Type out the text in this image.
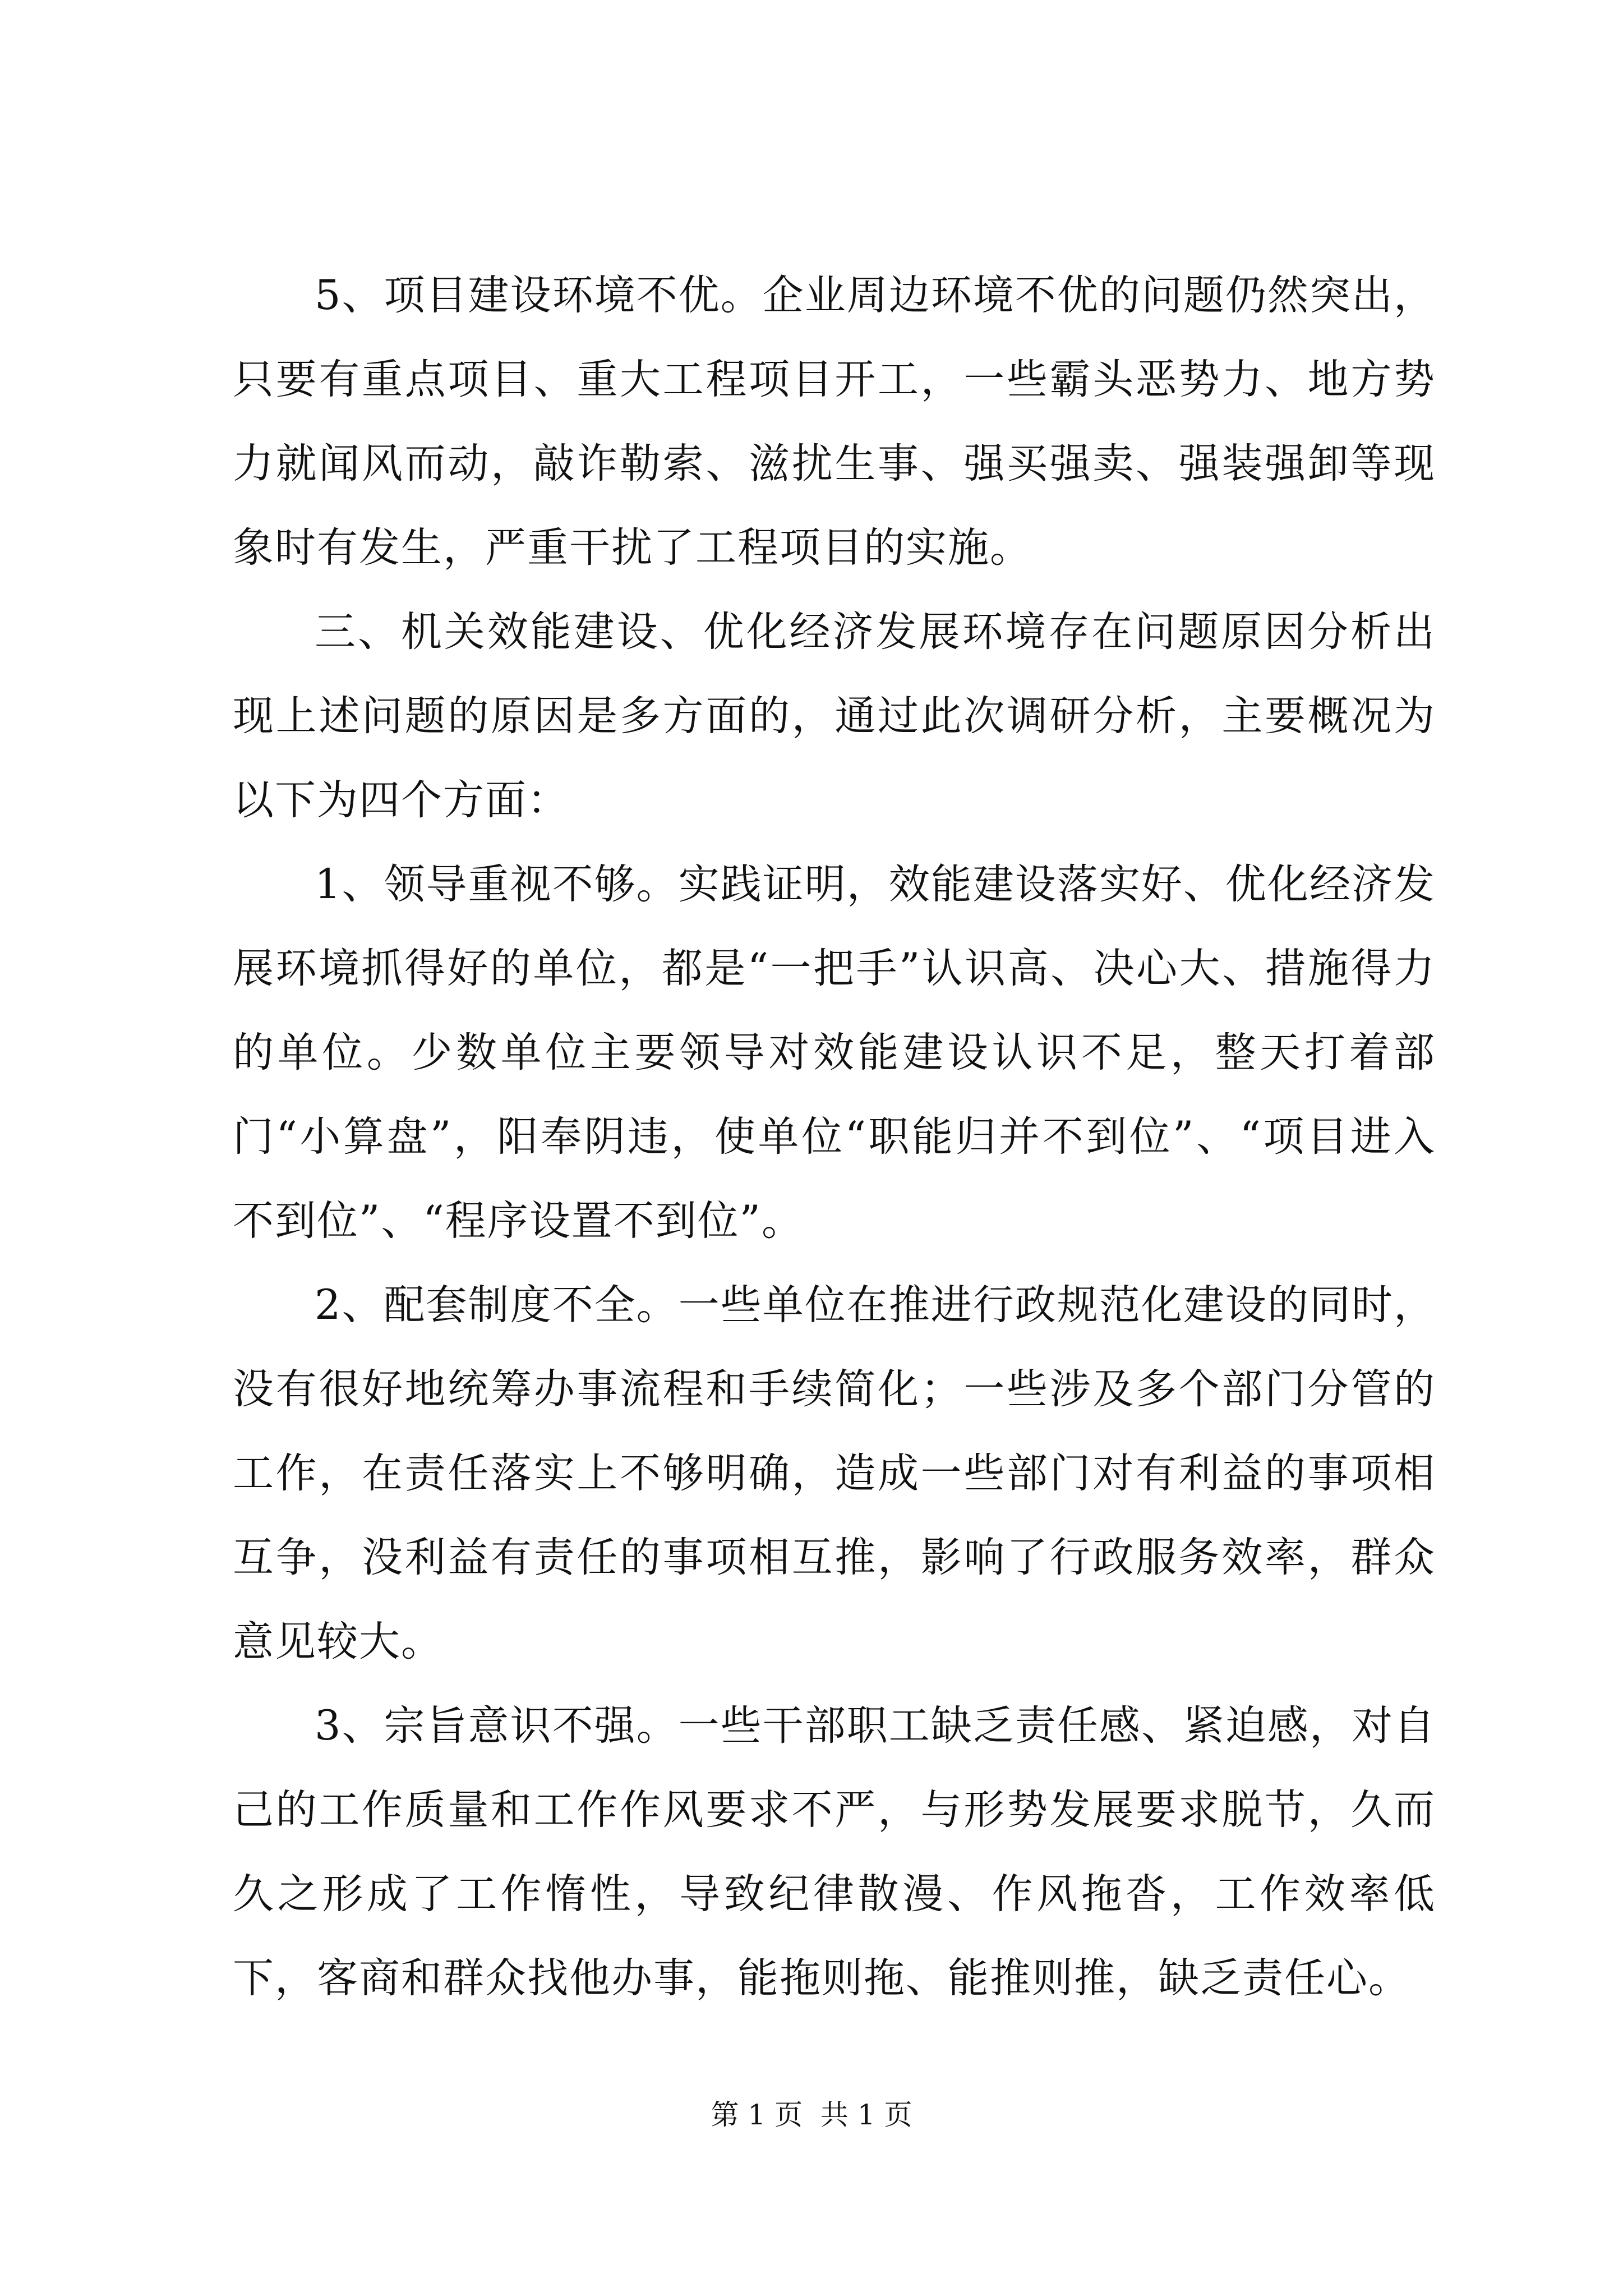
5、项目建设环境不优。企业周边环境不优的问题仍然突出，只要有重点项目、重大工程项目开工，一些霸头恶势力、地方势力就闻风而动，敲诈勒索、滋扰生事、强买强卖、强装强卸等现象时有发生，严重干扰了工程项目的实施。

三、机关效能建设、优化经济发展环境存在问题原因分析出现上述问题的原因是多方面的，通过此次调研分析，主要概况为以下为四个方面：

1、领导重视不够。实践证明，效能建设落实好、优化经济发展环境抓得好的单位，都是“一把手”认识高、决心大、措施得力的单位。少数单位主要领导对效能建设认识不足，整天打着部门“小算盘”，阳奉阴违，使单位“职能归并不到位”、“项目进入不到位”、“程序设置不到位”。

2、配套制度不全。一些单位在推进行政规范化建设的同时，没有很好地统筹办事流程和手续简化；一些涉及多个部门分管的工作，在责任落实上不够明确，造成一些部门对有利益的事项相互争，没利益有责任的事项相互推，影响了行政服务效率，群众意见较大。

3、宗旨意识不强。一些干部职工缺乏责任感、紧迫感，对自己的工作质量和工作作风要求不严，与形势发展要求脱节，久而久之形成了工作惰性，导致纪律散漫、作风拖沓，工作效率低下，客商和群众找他办事，能拖则拖、能推则推，缺乏责任心。

第 1 页  共 1 页
